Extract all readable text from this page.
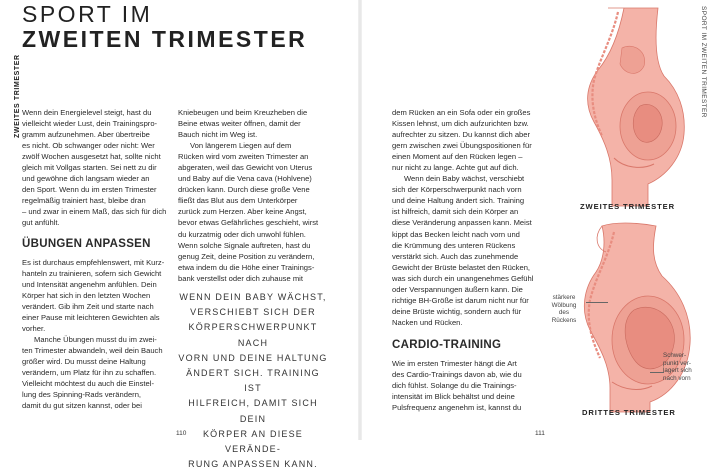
ZWEITES TRIMESTER
SPORT IM
ZWEITEN TRIMESTER

Wenn dein Energielevel steigt, hast du
vielleicht wieder Lust, dein Trainingspro-
gramm aufzunehmen. Aber übertreibe
es nicht. Ob schwanger oder nicht: Wer
zwölf Wochen ausgesetzt hat, sollte nicht
gleich mit Vollgas starten. Sei nett zu dir
und gewöhne dich langsam wieder an
den Sport. Wenn du im ersten Trimester
regelmäßig trainiert hast, bleibe dran
– und zwar in einem Maß, das sich für dich
gut anfühlt.

ÜBUNGEN ANPASSEN

Es ist durchaus empfehlenswert, mit Kurz-
hanteln zu trainieren, sofern sich Gewicht
und Intensität angenehm anfühlen. Dein
Körper hat sich in den letzten Wochen
verändert. Gib ihm Zeit und starte nach
einer Pause mit leichteren Gewichten als
vorher.

Manche Übungen musst du im zwei-
ten Trimester abwandeln, weil dein Bauch
größer wird. Du musst deine Haltung
verändern, um Platz für ihn zu schaffen.
Vielleicht möchtest du auch die Einstel-
lung des Spinning-Rads verändern,
damit du gut sitzen kannst, oder bei

Kniebeugen und beim Kreuzheben die
Beine etwas weiter öffnen, damit der
Bauch nicht im Weg ist.

Von längerem Liegen auf dem
Rücken wird vom zweiten Trimester an
abgeraten, weil das Gewicht von Uterus
und Baby auf die Vena cava (Hohlvene)
drücken kann. Durch diese große Vene
fließt das Blut aus dem Unterkörper
zurück zum Herzen. Aber keine Angst,
bevor etwas Gefährliches geschieht, wirst
du kurzatmig oder dich unwohl fühlen.
Wenn solche Signale auftreten, hast du
genug Zeit, deine Position zu verändern,
etwa indem du die Höhe einer Trainings-
bank verstellst oder dich zuhause mit

WENN DEIN BABY WÄCHST,
VERSCHIEBT SICH DER
KÖRPERSCHWERPUNKT NACH
VORN UND DEINE HALTUNG
ÄNDERT SICH. TRAINING IST
HILFREICH, DAMIT SICH DEIN
KÖRPER AN DIESE VERÄNDE-
RUNG ANPASSEN KANN.
110
SPORT IM ZWEITEN TRIMESTER

dem Rücken an ein Sofa oder ein großes
Kissen lehnst, um dich aufzurichten bzw.
aufrechter zu sitzen. Du kannst dich aber
gern zwischen zwei Übungspositionen für
einen Moment auf den Rücken legen –
nur nicht zu lange. Achte gut auf dich.

Wenn dein Baby wächst, verschiebt
sich der Körperschwerpunkt nach vorn
und deine Haltung ändert sich. Training
ist hilfreich, damit sich dein Körper an
diese Veränderung anpassen kann. Meist
kippt das Becken leicht nach vorn und
die Krümmung des unteren Rückens
verstärkt sich. Auch das zunehmende
Gewicht der Brüste belastet den Rücken,
was sich durch ein unangenehmes Gefühl
oder Verspannungen äußern kann. Die
richtige BH-Größe ist darum nicht nur für
deine Brüste wichtig, sondern auch für
Nacken und Rücken.

CARDIO-TRAINING

Wie im ersten Trimester hängt die Art
des Cardio-Trainings davon ab, wie du
dich fühlst. Solange du die Trainings-
intensität im Blick behältst und deine
Pulsfrequenz angenehm ist, kannst du

ZWEITES TRIMESTER
DRITTES TRIMESTER
stärkere
Wölbung
des
Rückens
Schwer-
punkt ver-
lagert sich
nach vorn
111
